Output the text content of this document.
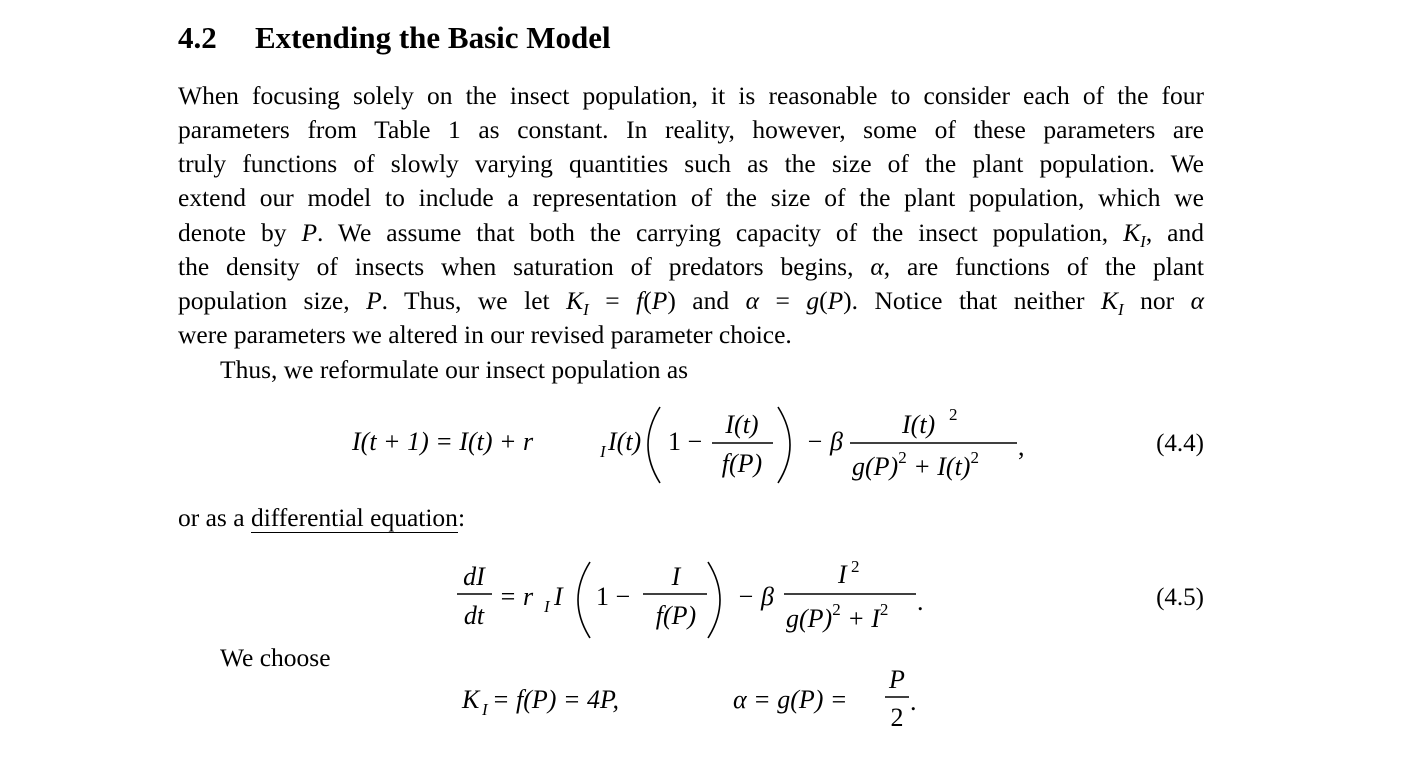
4.2 Extending the Basic Model
When focusing solely on the insect population, it is reasonable to consider each of the four
parameters from Table 1 as constant. In reality, however, some of these parameters are
truly functions of slowly varying quantities such as the size of the plant population. We
extend our model to include a representation of the size of the plant population, which we
denote by P. We assume that both the carrying capacity of the insect population, $K_I$, and
the density of insects when saturation of predators begins, α, are functions of the plant
population size, P. Thus, we let $K_I = f(P)$ and α = g(P). Notice that neither $K_I$ nor α
were parameters we altered in our revised parameter choice.
Thus, we reformulate our insect population as
I(t + 1) = I(t) + r	I I(t) 1 −
I(t)
f(P)
− β
I(t) 2
$g(P)^2 + I(t)^2$ ,	(4.4)
or as a differential equation:
dI
dt
= r I I 1 −
I
f(P)
− β
I 2
$g(P)^2 + I^2$ .	(4.5)
We choose
K I = f(P) = 4P,	α = g(P) =
P
2
.
